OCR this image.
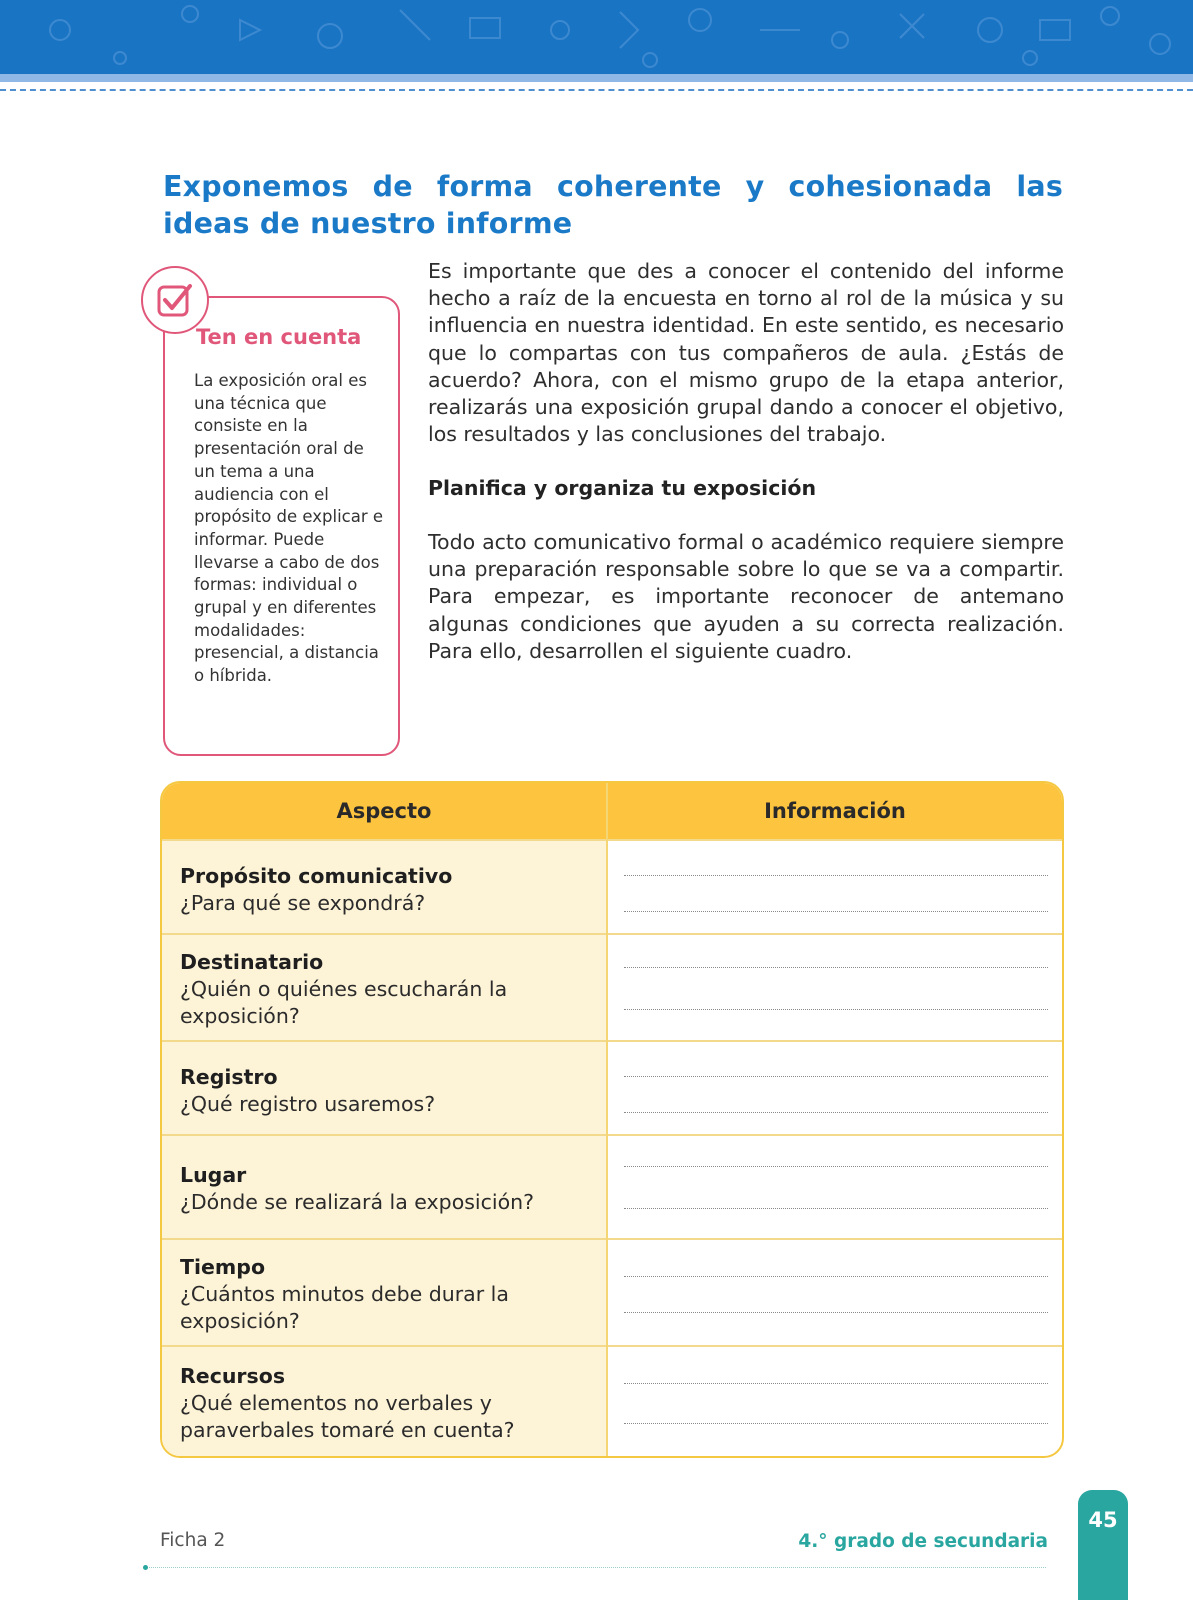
Exponemos de forma coherente y cohesionada las ideas de nuestro informe
Ten en cuenta
La exposición oral es una técnica que consiste en la presentación oral de un tema a una audiencia con el propósito de explicar e informar. Puede llevarse a cabo de dos formas: individual o grupal y en diferentes modalidades: presencial, a distancia o híbrida.
Es importante que des a conocer el contenido del informe hecho a raíz de la encuesta en torno al rol de la música y su influencia en nuestra identidad. En este sentido, es necesario que lo compartas con tus compañeros de aula. ¿Estás de acuerdo? Ahora, con el mismo grupo de la etapa anterior, realizarás una exposición grupal dando a conocer el objetivo, los resultados y las conclusiones del trabajo.
Planifica y organiza tu exposición
Todo acto comunicativo formal o académico requiere siempre una preparación responsable sobre lo que se va a compartir. Para empezar, es importante reconocer de antemano algunas condiciones que ayuden a su correcta realización. Para ello, desarrollen el siguiente cuadro.
Aspecto	Información
Propósito comunicativo
¿Para qué se expondrá?
Destinatario
¿Quién o quiénes escucharán la exposición?
Registro
¿Qué registro usaremos?
Lugar
¿Dónde se realizará la exposición?
Tiempo
¿Cuántos minutos debe durar la exposición?
Recursos
¿Qué elementos no verbales y paraverbales tomaré en cuenta?
Ficha 2	4.° grado de secundaria
45
